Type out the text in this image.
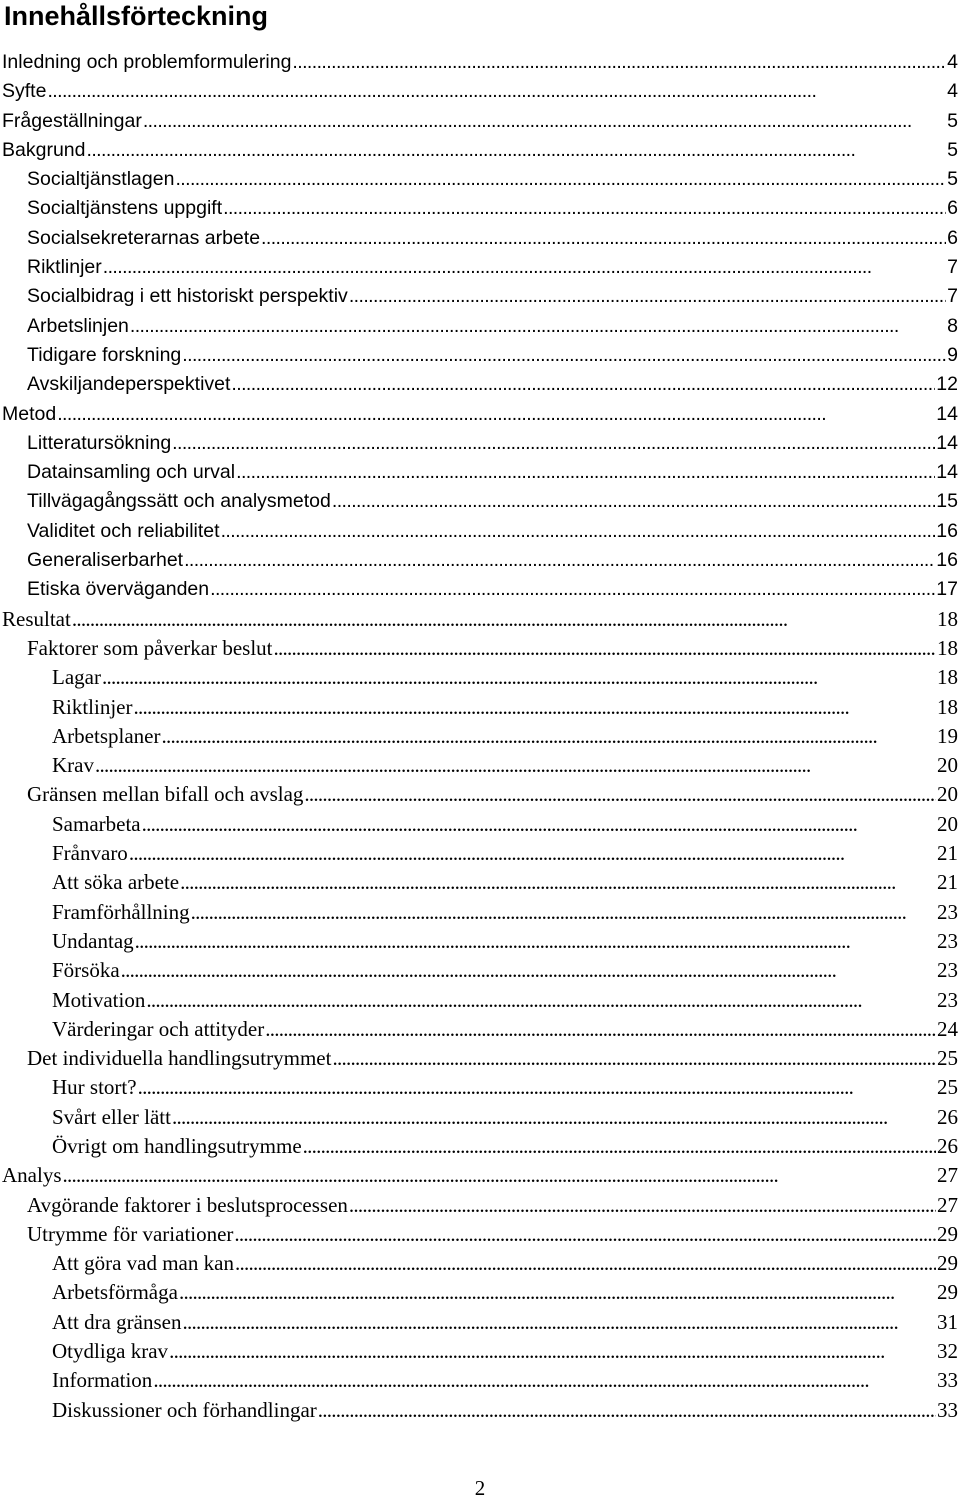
Innehållsförteckning
Inledning och problemformulering . . .	4
Syfte . . .	4
Frågeställningar . . .	5
Bakgrund . . .	5
Socialtjänstlagen . . .	5
Socialtjänstens uppgift . . .	6
Socialsekreterarnas arbete . . .	6
Riktlinjer . . .	7
Socialbidrag i ett historiskt perspektiv . . .	7
Arbetslinjen . . .	8
Tidigare forskning . . .	9
Avskiljandeperspektivet . . .	12
Metod . . .	14
Litteratursökning . . .	14
Datainsamling och urval . . .	14
Tillvägagångssätt och analysmetod . . .	15
Validitet och reliabilitet . . .	16
Generaliserbarhet . . .	16
Etiska överväganden . . .	17
Resultat . . .	18
Faktorer som påverkar beslut . . .	18
Lagar . . .	18
Riktlinjer . . .	18
Arbetsplaner . . .	19
Krav . . .	20
Gränsen mellan bifall och avslag . . .	20
Samarbeta . . .	20
Frånvaro . . .	21
Att söka arbete . . .	21
Framförhållning . . .	23
Undantag . . .	23
Försöka . . .	23
Motivation . . .	23
Värderingar och attityder . . .	24
Det individuella handlingsutrymmet . . .	25
Hur stort? . . .	25
Svårt eller lätt . . .	26
Övrigt om handlingsutrymme . . .	26
Analys . . .	27
Avgörande faktorer i beslutsprocessen . . .	27
Utrymme för variationer . . .	29
Att göra vad man kan . . .	29
Arbetsförmåga . . .	29
Att dra gränsen . . .	31
Otydliga krav . . .	32
Information . . .	33
Diskussioner och förhandlingar . . .	33
2
